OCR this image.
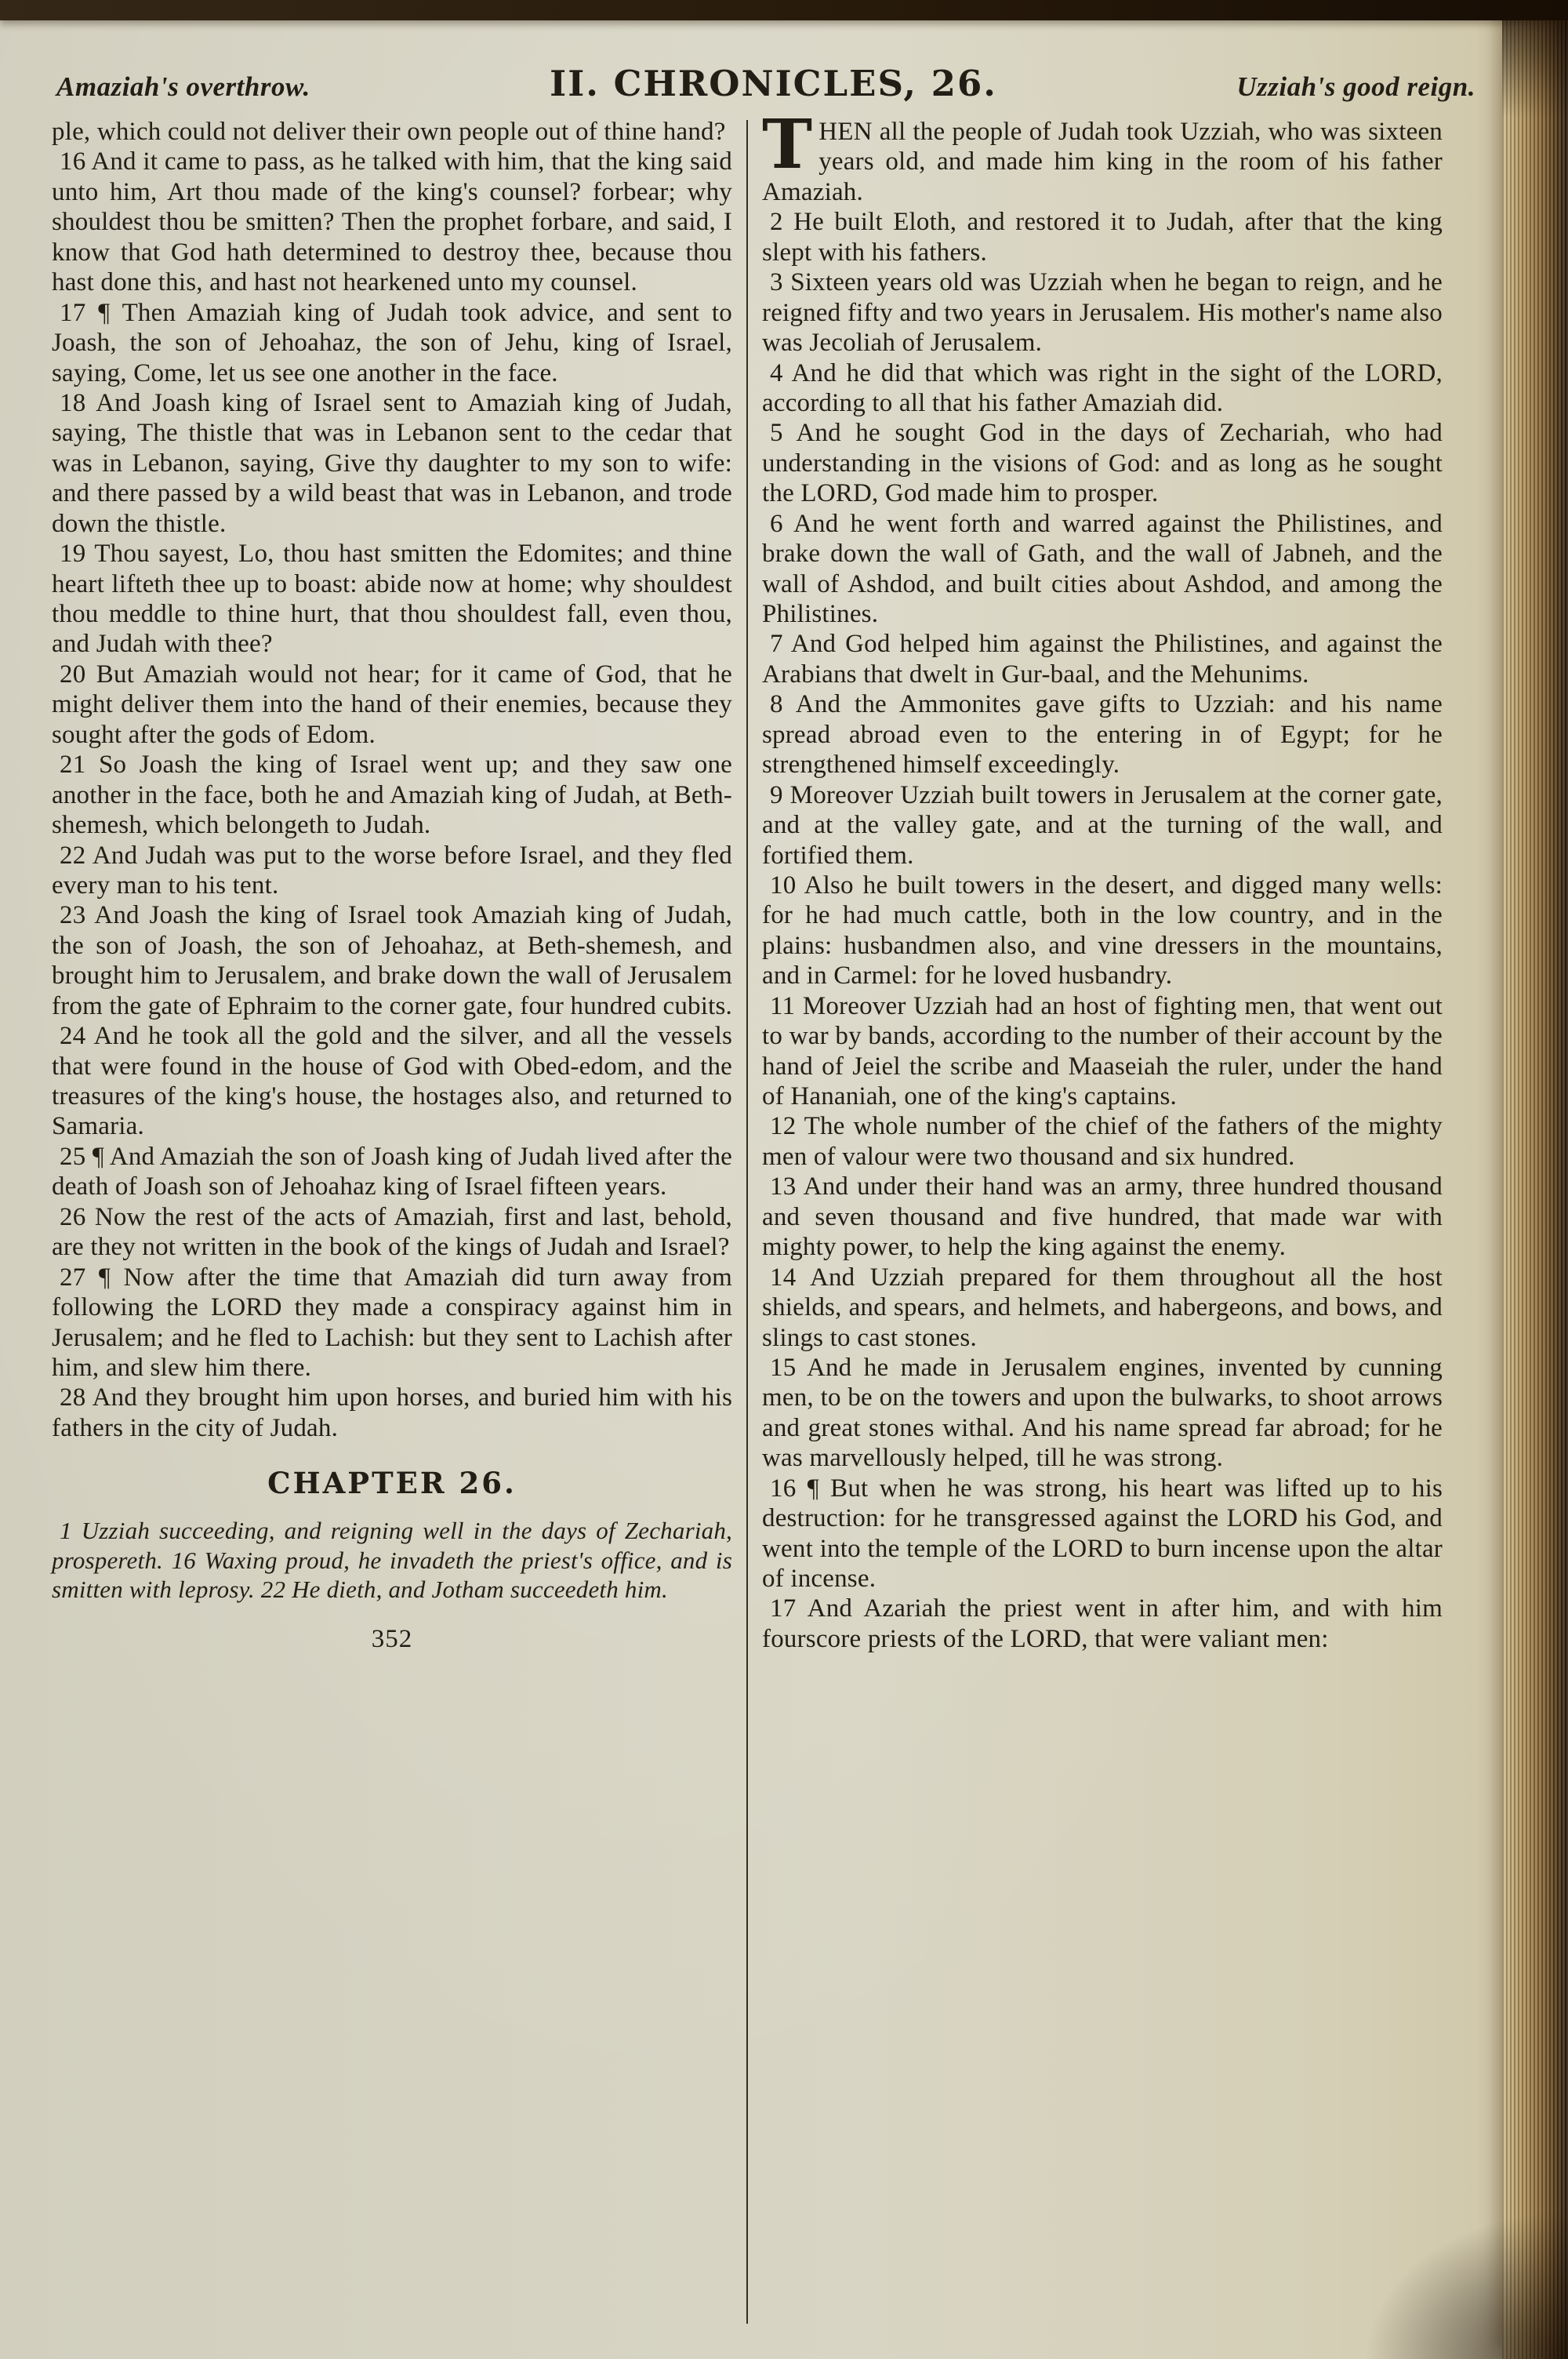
Amaziah's overthrow.	II. CHRONICLES, 26.	Uzziah's good reign.

ple, which could not deliver their own people out of thine hand?

16 And it came to pass, as he talked with him, that the king said unto him, Art thou made of the king's counsel? forbear; why shouldest thou be smitten? Then the prophet forbare, and said, I know that God hath determined to destroy thee, because thou hast done this, and hast not hearkened unto my counsel.

17 ¶ Then Amaziah king of Judah took advice, and sent to Joash, the son of Jehoahaz, the son of Jehu, king of Israel, saying, Come, let us see one another in the face.

18 And Joash king of Israel sent to Amaziah king of Judah, saying, The thistle that was in Lebanon sent to the cedar that was in Lebanon, saying, Give thy daughter to my son to wife: and there passed by a wild beast that was in Lebanon, and trode down the thistle.

19 Thou sayest, Lo, thou hast smitten the Edomites; and thine heart lifteth thee up to boast: abide now at home; why shouldest thou meddle to thine hurt, that thou shouldest fall, even thou, and Judah with thee?

20 But Amaziah would not hear; for it came of God, that he might deliver them into the hand of their enemies, because they sought after the gods of Edom.

21 So Joash the king of Israel went up; and they saw one another in the face, both he and Amaziah king of Judah, at Beth-shemesh, which belongeth to Judah.

22 And Judah was put to the worse before Israel, and they fled every man to his tent.

23 And Joash the king of Israel took Amaziah king of Judah, the son of Joash, the son of Jehoahaz, at Beth-shemesh, and brought him to Jerusalem, and brake down the wall of Jerusalem from the gate of Ephraim to the corner gate, four hundred cubits.

24 And he took all the gold and the silver, and all the vessels that were found in the house of God with Obed-edom, and the treasures of the king's house, the hostages also, and returned to Samaria.

25 ¶ And Amaziah the son of Joash king of Judah lived after the death of Joash son of Jehoahaz king of Israel fifteen years.

26 Now the rest of the acts of Amaziah, first and last, behold, are they not written in the book of the kings of Judah and Israel?

27 ¶ Now after the time that Amaziah did turn away from following the LORD they made a conspiracy against him in Jerusalem; and he fled to Lachish: but they sent to Lachish after him, and slew him there.

28 And they brought him upon horses, and buried him with his fathers in the city of Judah.

CHAPTER 26.

1 Uzziah succeeding, and reigning well in the days of Zechariah, prospereth. 16 Waxing proud, he invadeth the priest's office, and is smitten with leprosy. 22 He dieth, and Jotham succeedeth him.

352

THEN all the people of Judah took Uzziah, who was sixteen years old, and made him king in the room of his father Amaziah.

2 He built Eloth, and restored it to Judah, after that the king slept with his fathers.

3 Sixteen years old was Uzziah when he began to reign, and he reigned fifty and two years in Jerusalem. His mother's name also was Jecoliah of Jerusalem.

4 And he did that which was right in the sight of the LORD, according to all that his father Amaziah did.

5 And he sought God in the days of Zechariah, who had understanding in the visions of God: and as long as he sought the LORD, God made him to prosper.

6 And he went forth and warred against the Philistines, and brake down the wall of Gath, and the wall of Jabneh, and the wall of Ashdod, and built cities about Ashdod, and among the Philistines.

7 And God helped him against the Philistines, and against the Arabians that dwelt in Gur-baal, and the Mehunims.

8 And the Ammonites gave gifts to Uzziah: and his name spread abroad even to the entering in of Egypt; for he strengthened himself exceedingly.

9 Moreover Uzziah built towers in Jerusalem at the corner gate, and at the valley gate, and at the turning of the wall, and fortified them.

10 Also he built towers in the desert, and digged many wells: for he had much cattle, both in the low country, and in the plains: husbandmen also, and vine dressers in the mountains, and in Carmel: for he loved husbandry.

11 Moreover Uzziah had an host of fighting men, that went out to war by bands, according to the number of their account by the hand of Jeiel the scribe and Maaseiah the ruler, under the hand of Hananiah, one of the king's captains.

12 The whole number of the chief of the fathers of the mighty men of valour were two thousand and six hundred.

13 And under their hand was an army, three hundred thousand and seven thousand and five hundred, that made war with mighty power, to help the king against the enemy.

14 And Uzziah prepared for them throughout all the host shields, and spears, and helmets, and habergeons, and bows, and slings to cast stones.

15 And he made in Jerusalem engines, invented by cunning men, to be on the towers and upon the bulwarks, to shoot arrows and great stones withal. And his name spread far abroad; for he was marvellously helped, till he was strong.

16 ¶ But when he was strong, his heart was lifted up to his destruction: for he transgressed against the LORD his God, and went into the temple of the LORD to burn incense upon the altar of incense.

17 And Azariah the priest went in after him, and with him fourscore priests of the LORD, that were valiant men:
